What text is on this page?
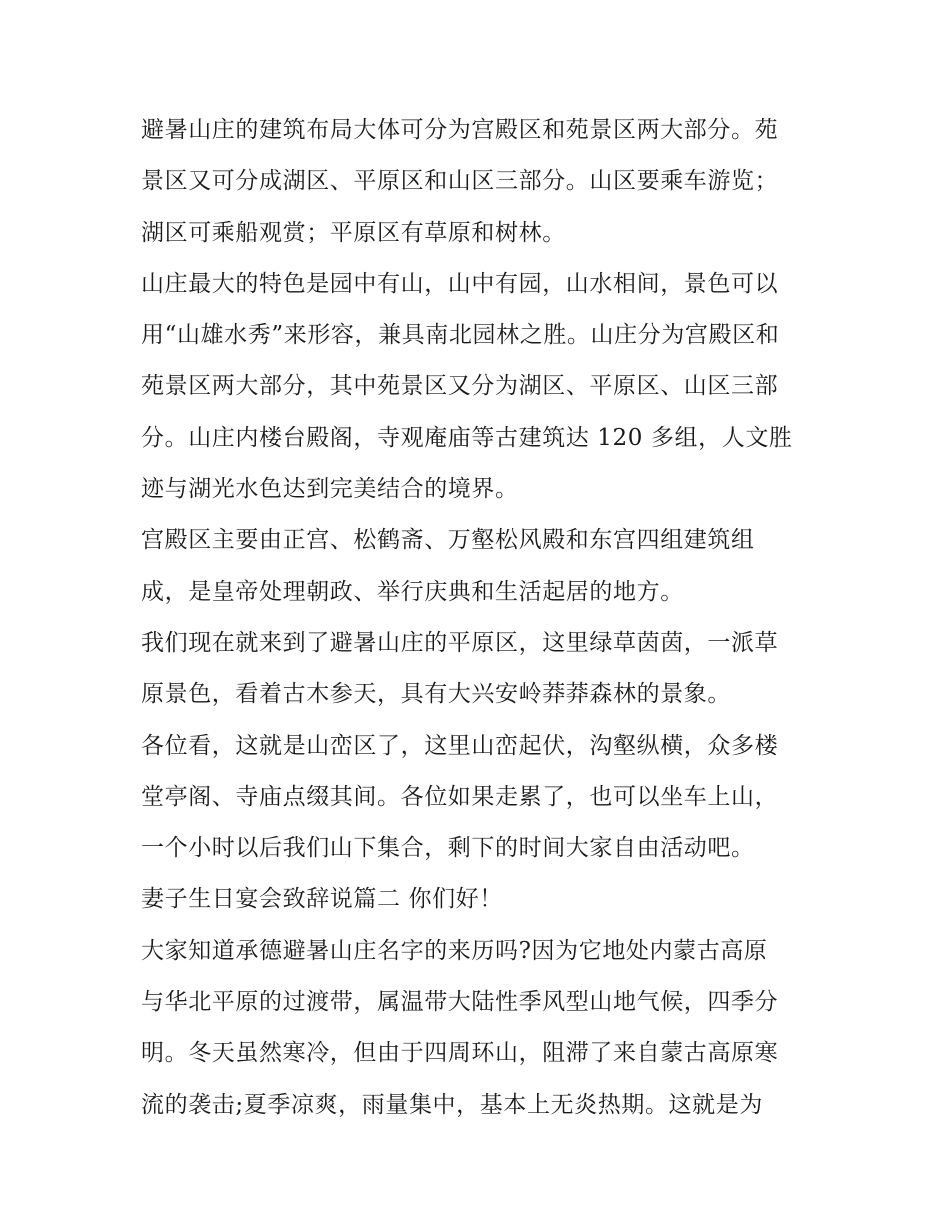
避暑山庄的建筑布局大体可分为宫殿区和苑景区两大部分。苑
景区又可分成湖区、平原区和山区三部分。山区要乘车游览；
湖区可乘船观赏；平原区有草原和树林。

山庄最大的特色是园中有山，山中有园，山水相间，景色可以
用“山雄水秀”来形容，兼具南北园林之胜。山庄分为宫殿区和
苑景区两大部分，其中苑景区又分为湖区、平原区、山区三部
分。山庄内楼台殿阁，寺观庵庙等古建筑达 120 多组，人文胜
迹与湖光水色达到完美结合的境界。

宫殿区主要由正宫、松鹤斋、万壑松风殿和东宫四组建筑组
成，是皇帝处理朝政、举行庆典和生活起居的地方。

我们现在就来到了避暑山庄的平原区，这里绿草茵茵，一派草
原景色，看着古木参天，具有大兴安岭莽莽森林的景象。

各位看，这就是山峦区了，这里山峦起伏，沟壑纵横，众多楼
堂亭阁、寺庙点缀其间。各位如果走累了，也可以坐车上山，
一个小时以后我们山下集合，剩下的时间大家自由活动吧。

妻子生日宴会致辞说篇二 你们好！

大家知道承德避暑山庄名字的来历吗?因为它地处内蒙古高原
与华北平原的过渡带，属温带大陆性季风型山地气候，四季分
明。冬天虽然寒冷，但由于四周环山，阻滞了来自蒙古高原寒
流的袭击;夏季凉爽，雨量集中，基本上无炎热期。这就是为
